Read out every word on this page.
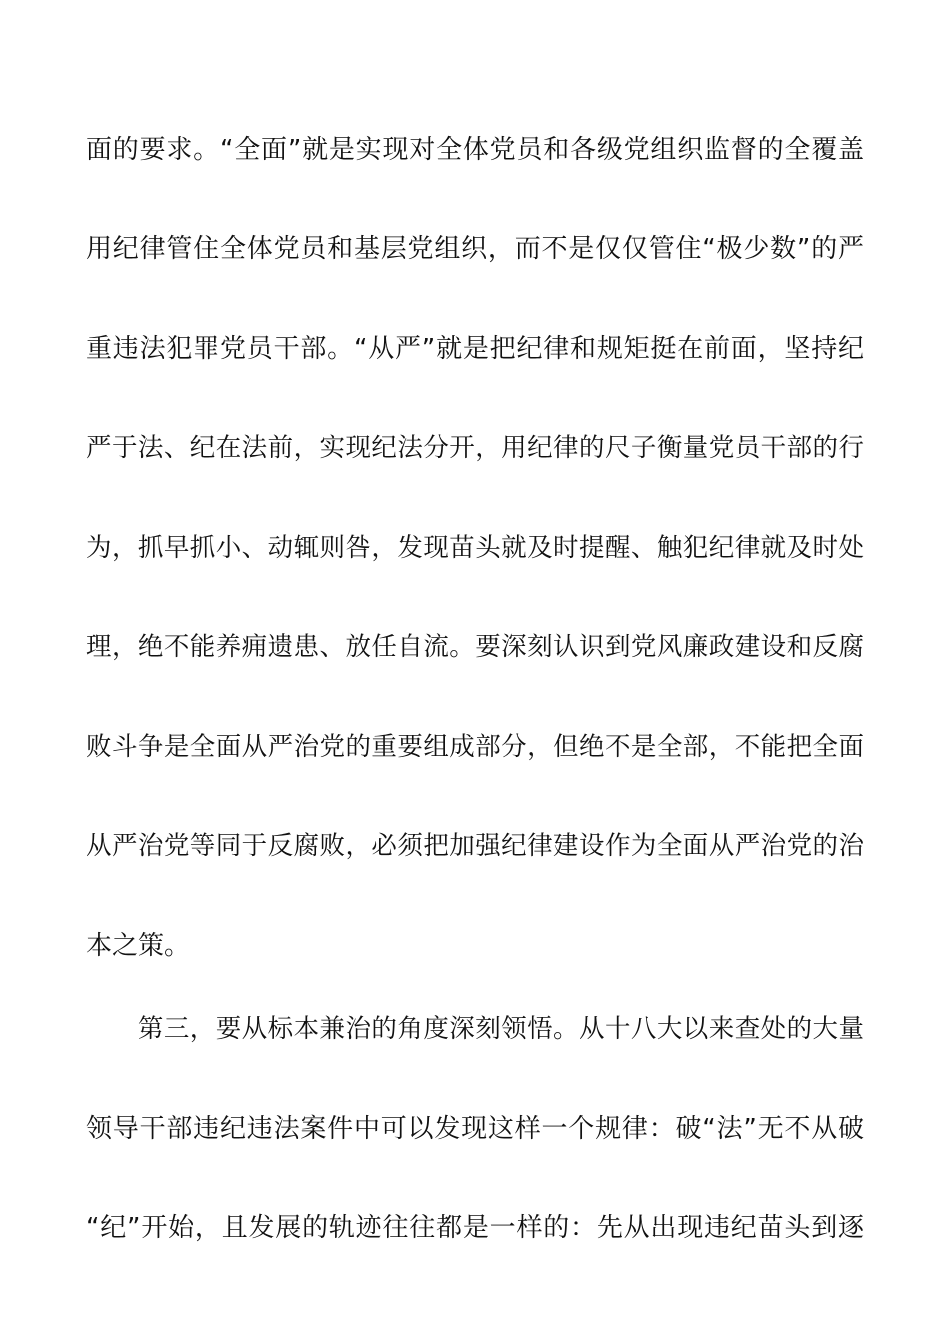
面的要求。“全面”就是实现对全体党员和各级党组织监督的全覆盖
用纪律管住全体党员和基层党组织，而不是仅仅管住“极少数”的严
重违法犯罪党员干部。“从严”就是把纪律和规矩挺在前面，坚持纪
严于法、纪在法前，实现纪法分开，用纪律的尺子衡量党员干部的行
为，抓早抓小、动辄则咎，发现苗头就及时提醒、触犯纪律就及时处
理，绝不能养痈遗患、放任自流。要深刻认识到党风廉政建设和反腐
败斗争是全面从严治党的重要组成部分，但绝不是全部，不能把全面
从严治党等同于反腐败，必须把加强纪律建设作为全面从严治党的治
本之策。
　　第三，要从标本兼治的角度深刻领悟。从十八大以来查处的大量
领导干部违纪违法案件中可以发现这样一个规律：破“法”无不从破
“纪”开始，且发展的轨迹往往都是一样的：先从出现违纪苗头到逐
